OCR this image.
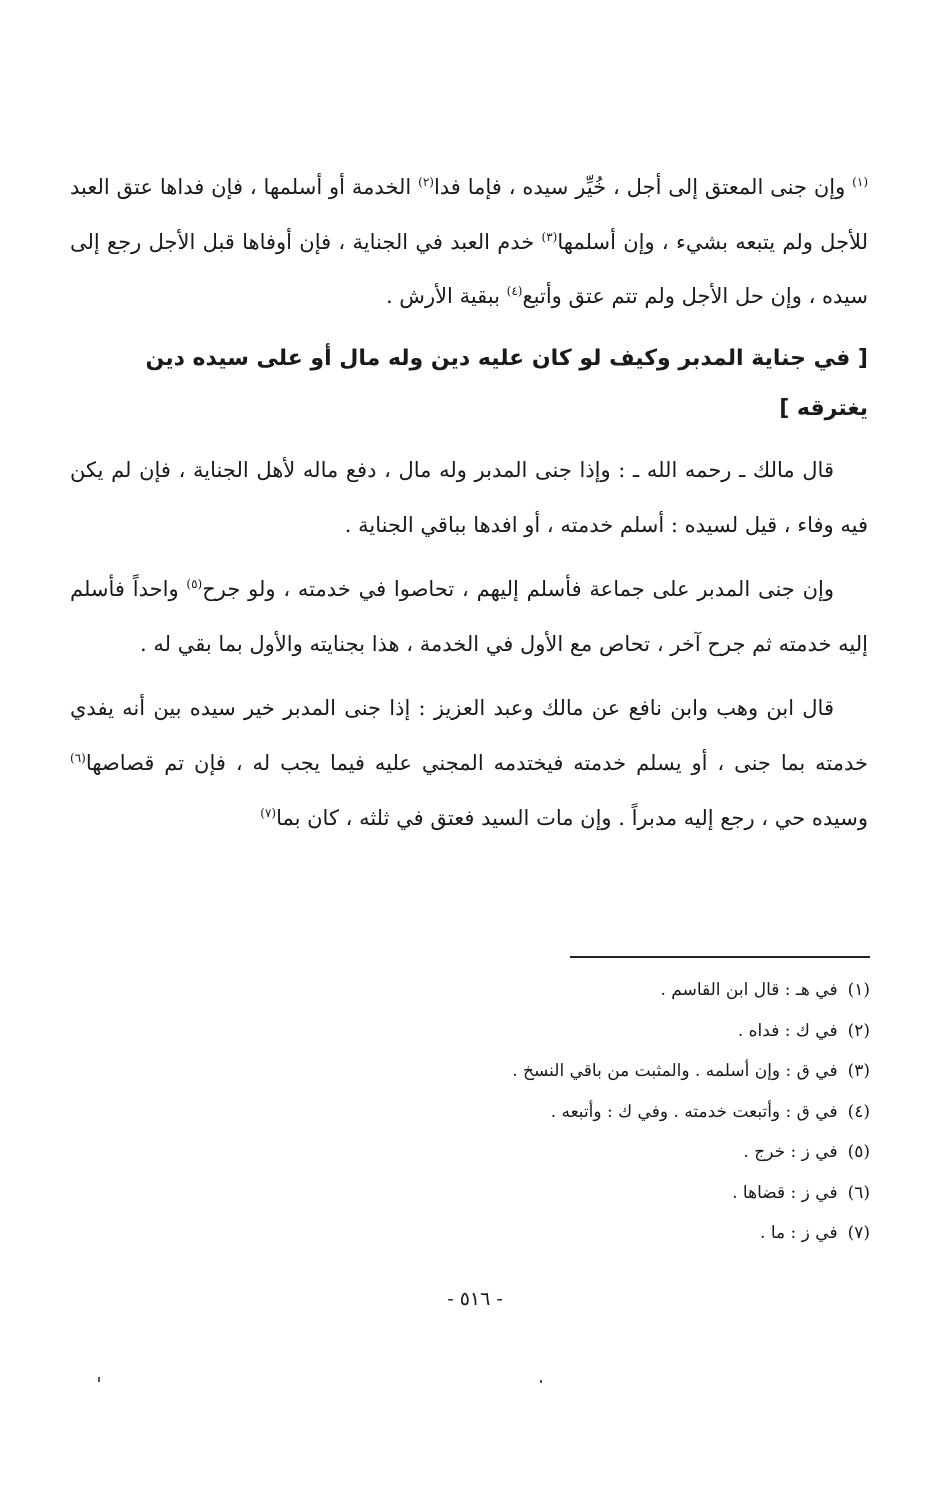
$^{(١)}$ وإن جنى المعتق إلى أجل ، خُيِّر سيده ، فإما فدا$^{(٢)}$ الخدمة أو أسلمها ، فإن فداها عتق العبد للأجل ولم يتبعه بشيء ، وإن أسلمها$^{(٣)}$ خدم العبد في الجناية ، فإن أوفاها قبل الأجل رجع إلى سيده ، وإن حل الأجل ولم تتم عتق وأتبع$^{(٤)}$ ببقية الأرش .

[ في جناية المدبر وكيف لو كان عليه دين وله مال أو على سيده دين يغترقه ]

قال مالك ـ رحمه الله ـ : وإذا جنى المدبر وله مال ، دفع ماله لأهل الجناية ، فإن لم يكن فيه وفاء ، قيل لسيده : أسلم خدمته ، أو افدها بباقي الجناية .

وإن جنى المدبر على جماعة فأسلم إليهم ، تحاصوا في خدمته ، ولو جرح$^{(٥)}$ واحداً فأسلم إليه خدمته ثم جرح آخر ، تحاص مع الأول في الخدمة ، هذا بجنايته والأول بما بقي له .

قال ابن وهب وابن نافع عن مالك وعبد العزيز : إذا جنى المدبر خير سيده بين أنه يفدي خدمته بما جنى ، أو يسلم خدمته فيختدمه المجني عليه فيما يجب له ، فإن تم قصاصها$^{(٦)}$ وسيده حي ، رجع إليه مدبراً . وإن مات السيد فعتق في ثلثه ، كان بما$^{(٧)}$

(١)في هـ : قال ابن القاسم .
(٢)في ك : فداه .
(٣)في ق : وإن أسلمه . والمثبت من باقي النسخ .
(٤)في ق : وأتبعت خدمته . وفي ك : وأتبعه .
(٥)في ز : خرج .
(٦)في ز : قضاها .
(٧)في ز : ما .
- ٥١٦ -
